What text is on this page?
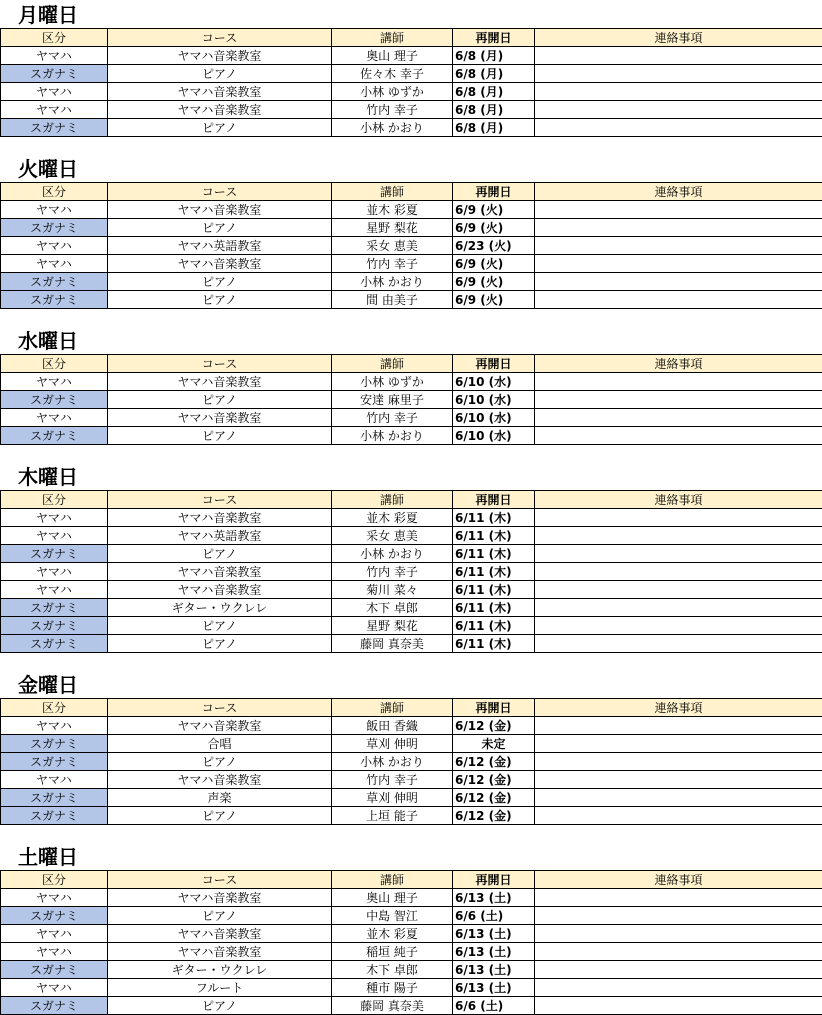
月曜日
区分	コース	講師	再開日	連絡事項
ヤマハ	ヤマハ音楽教室	奥山 理子	6/8 (月)	
スガナミ	ピアノ	佐々木 幸子	6/8 (月)	
ヤマハ	ヤマハ音楽教室	小林 ゆずか	6/8 (月)	
ヤマハ	ヤマハ音楽教室	竹内 幸子	6/8 (月)	
スガナミ	ピアノ	小林 かおり	6/8 (月)	
火曜日
区分	コース	講師	再開日	連絡事項
ヤマハ	ヤマハ音楽教室	並木 彩夏	6/9 (火)	
スガナミ	ピアノ	星野 梨花	6/9 (火)	
ヤマハ	ヤマハ英語教室	采女 恵美	6/23 (火)	
ヤマハ	ヤマハ音楽教室	竹内 幸子	6/9 (火)	
スガナミ	ピアノ	小林 かおり	6/9 (火)	
スガナミ	ピアノ	間 由美子	6/9 (火)	
水曜日
区分	コース	講師	再開日	連絡事項
ヤマハ	ヤマハ音楽教室	小林 ゆずか	6/10 (水)	
スガナミ	ピアノ	安達 麻里子	6/10 (水)	
ヤマハ	ヤマハ音楽教室	竹内 幸子	6/10 (水)	
スガナミ	ピアノ	小林 かおり	6/10 (水)	
木曜日
区分	コース	講師	再開日	連絡事項
ヤマハ	ヤマハ音楽教室	並木 彩夏	6/11 (木)	
ヤマハ	ヤマハ英語教室	采女 恵美	6/11 (木)	
スガナミ	ピアノ	小林 かおり	6/11 (木)	
ヤマハ	ヤマハ音楽教室	竹内 幸子	6/11 (木)	
ヤマハ	ヤマハ音楽教室	菊川 菜々	6/11 (木)	
スガナミ	ギター・ウクレレ	木下 卓郎	6/11 (木)	
スガナミ	ピアノ	星野 梨花	6/11 (木)	
スガナミ	ピアノ	藤岡 真奈美	6/11 (木)	
金曜日
区分	コース	講師	再開日	連絡事項
ヤマハ	ヤマハ音楽教室	飯田 香織	6/12 (金)	
スガナミ	合唱	草刈 伸明	未定	
スガナミ	ピアノ	小林 かおり	6/12 (金)	
ヤマハ	ヤマハ音楽教室	竹内 幸子	6/12 (金)	
スガナミ	声楽	草刈 伸明	6/12 (金)	
スガナミ	ピアノ	上垣 能子	6/12 (金)	
土曜日
区分	コース	講師	再開日	連絡事項
ヤマハ	ヤマハ音楽教室	奥山 理子	6/13 (土)	
スガナミ	ピアノ	中島 智江	6/6 (土)	
ヤマハ	ヤマハ音楽教室	並木 彩夏	6/13 (土)	
ヤマハ	ヤマハ音楽教室	稲垣 純子	6/13 (土)	
スガナミ	ギター・ウクレレ	木下 卓郎	6/13 (土)	
ヤマハ	フルート	種市 陽子	6/13 (土)	
スガナミ	ピアノ	藤岡 真奈美	6/6 (土)	
